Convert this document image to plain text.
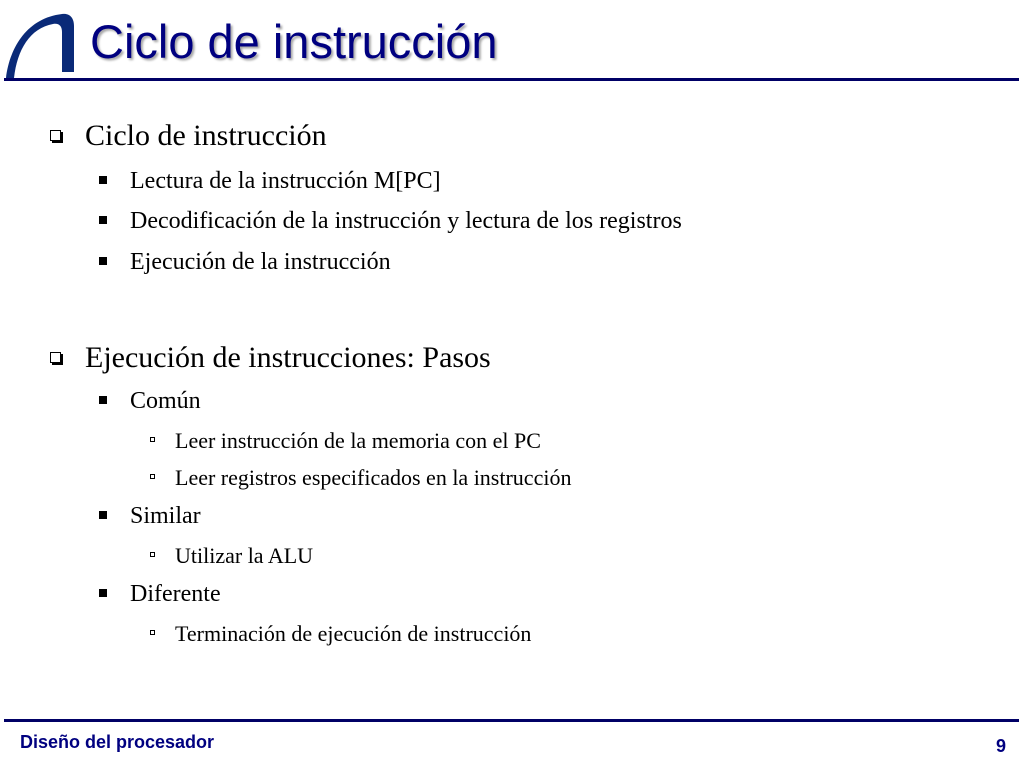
Ciclo de instrucción
Ciclo de instrucción
Lectura de la instrucción M[PC]
Decodificación de la instrucción y lectura de los registros
Ejecución de la instrucción
Ejecución de instrucciones: Pasos
Común
Leer instrucción de la memoria con el PC
Leer registros especificados en la instrucción
Similar
Utilizar la ALU
Diferente
Terminación de ejecución de instrucción
Diseño del procesador	9
